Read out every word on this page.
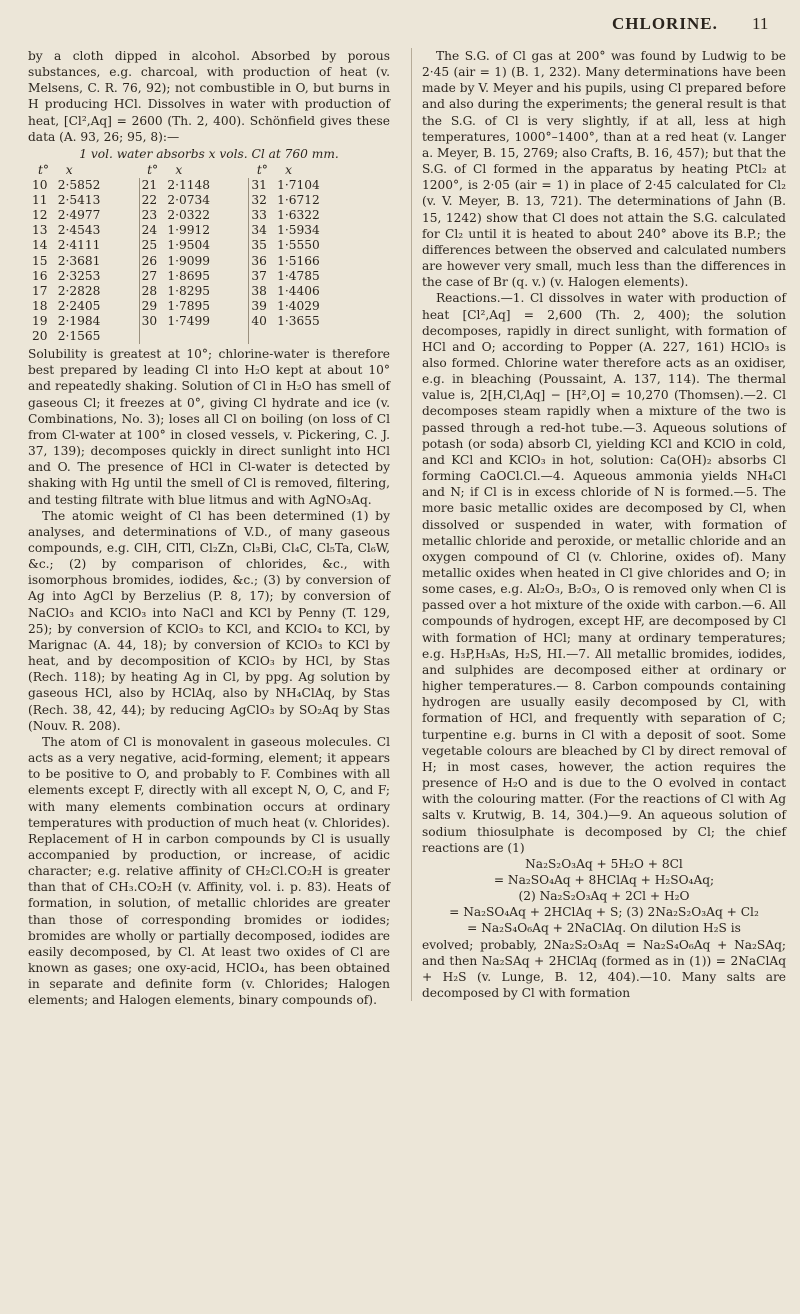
CHLORINE. 11

by a cloth dipped in alcohol. Absorbed by porous substances, e.g. charcoal, with production of heat (v. Melsens, C. R. 76, 92); not combustible in O, but burns in H producing HCl. Dissolves in water with production of heat, [Cl²,Aq] = 2600 (Th. 2, 400). Schönfield gives these data (A. 93, 26; 95, 8):—

1 vol. water absorbs x vols. Cl at 760 mm.
t°	x	t°	x	t°	x
10	2·5852	21	2·1148	31	1·7104
11	2·5413	22	2·0734	32	1·6712
12	2·4977	23	2·0322	33	1·6322
13	2·4543	24	1·9912	34	1·5934
14	2·4111	25	1·9504	35	1·5550
15	2·3681	26	1·9099	36	1·5166
16	2·3253	27	1·8695	37	1·4785
17	2·2828	28	1·8295	38	1·4406
18	2·2405	29	1·7895	39	1·4029
19	2·1984	30	1·7499	40	1·3655
20	2·1565				

Solubility is greatest at 10°; chlorine-water is therefore best prepared by leading Cl into H₂O kept at about 10° and repeatedly shaking. Solution of Cl in H₂O has smell of gaseous Cl; it freezes at 0°, giving Cl hydrate and ice (v. Combinations, No. 3); loses all Cl on boiling (on loss of Cl from Cl-water at 100° in closed vessels, v. Pickering, C. J. 37, 139); decomposes quickly in direct sunlight into HCl and O. The presence of HCl in Cl-water is detected by shaking with Hg until the smell of Cl is removed, filtering, and testing filtrate with blue litmus and with AgNO₃Aq.

The atomic weight of Cl has been determined (1) by analyses, and determinations of V.D., of many gaseous compounds, e.g. ClH, ClTl, Cl₂Zn, Cl₃Bi, Cl₄C, Cl₅Ta, Cl₆W, &c.; (2) by comparison of chlorides, &c., with isomorphous bromides, iodides, &c.; (3) by conversion of Ag into AgCl by Berzelius (P. 8, 17); by conversion of NaClO₃ and KClO₃ into NaCl and KCl by Penny (T. 129, 25); by conversion of KClO₃ to KCl, and KClO₄ to KCl, by Marignac (A. 44, 18); by conversion of KClO₃ to KCl by heat, and by decomposition of KClO₃ by HCl, by Stas (Rech. 118); by heating Ag in Cl, by ppg. Ag solution by gaseous HCl, also by HClAq, also by NH₄ClAq, by Stas (Rech. 38, 42, 44); by reducing AgClO₃ by SO₂Aq by Stas (Nouv. R. 208).

The atom of Cl is monovalent in gaseous molecules. Cl acts as a very negative, acid-forming, element; it appears to be positive to O, and probably to F. Combines with all elements except F, directly with all except N, O, C, and F; with many elements combination occurs at ordinary temperatures with production of much heat (v. Chlorides). Replacement of H in carbon compounds by Cl is usually accompanied by production, or increase, of acidic character; e.g. relative affinity of CH₂Cl.CO₂H is greater than that of CH₃.CO₂H (v. Affinity, vol. i. p. 83). Heats of formation, in solution, of metallic chlorides are greater than those of corresponding bromides or iodides; bromides are wholly or partially decomposed, iodides are easily decomposed, by Cl. At least two oxides of Cl are known as gases; one oxy-acid, HClO₄, has been obtained in separate and definite form (v. Chlorides; Halogen elements; and Halogen elements, binary compounds of).

The S.G. of Cl gas at 200° was found by Ludwig to be 2·45 (air = 1) (B. 1, 232). Many determinations have been made by V. Meyer and his pupils, using Cl prepared before and also during the experiments; the general result is that the S.G. of Cl is very slightly, if at all, less at high temperatures, 1000°–1400°, than at a red heat (v. Langer a. Meyer, B. 15, 2769; also Crafts, B. 16, 457); but that the S.G. of Cl formed in the apparatus by heating PtCl₂ at 1200°, is 2·05 (air = 1) in place of 2·45 calculated for Cl₂ (v. V. Meyer, B. 13, 721). The determinations of Jahn (B. 15, 1242) show that Cl does not attain the S.G. calculated for Cl₂ until it is heated to about 240° above its B.P.; the differences between the observed and calculated numbers are however very small, much less than the differences in the case of Br (q. v.) (v. Halogen elements).

Reactions.—1. Cl dissolves in water with production of heat [Cl²,Aq] = 2,600 (Th. 2, 400); the solution decomposes, rapidly in direct sunlight, with formation of HCl and O; according to Popper (A. 227, 161) HClO₃ is also formed. Chlorine water therefore acts as an oxidiser, e.g. in bleaching (Poussaint, A. 137, 114). The thermal value is, 2[H,Cl,Aq] − [H²,O] = 10,270 (Thomsen).—2. Cl decomposes steam rapidly when a mixture of the two is passed through a red-hot tube.—3. Aqueous solutions of potash (or soda) absorb Cl, yielding KCl and KClO in cold, and KCl and KClO₃ in hot, solution: Ca(OH)₂ absorbs Cl forming CaOCl.Cl.—4. Aqueous ammonia yields NH₄Cl and N; if Cl is in excess chloride of N is formed.—5. The more basic metallic oxides are decomposed by Cl, when dissolved or suspended in water, with formation of metallic chloride and peroxide, or metallic chloride and an oxygen compound of Cl (v. Chlorine, oxides of). Many metallic oxides when heated in Cl give chlorides and O; in some cases, e.g. Al₂O₃, B₂O₃, O is removed only when Cl is passed over a hot mixture of the oxide with carbon.—6. All compounds of hydrogen, except HF, are decomposed by Cl with formation of HCl; many at ordinary temperatures; e.g. H₃P,H₃As, H₂S, HI.—7. All metallic bromides, iodides, and sulphides are decomposed either at ordinary or higher temperatures.— 8. Carbon compounds containing hydrogen are usually easily decomposed by Cl, with formation of HCl, and frequently with separation of C; turpentine e.g. burns in Cl with a deposit of soot. Some vegetable colours are bleached by Cl by direct removal of H; in most cases, however, the action requires the presence of H₂O and is due to the O evolved in contact with the colouring matter. (For the reactions of Cl with Ag salts v. Krutwig, B. 14, 304.)—9. An aqueous solution of sodium thiosulphate is decomposed by Cl; the chief reactions are (1)

Na₂S₂O₃Aq + 5H₂O + 8Cl
= Na₂SO₄Aq + 8HClAq + H₂SO₄Aq;
(2) Na₂S₂O₃Aq + 2Cl + H₂O
= Na₂SO₄Aq + 2HClAq + S; (3) 2Na₂S₂O₃Aq + Cl₂
= Na₂S₄O₆Aq + 2NaClAq. On dilution H₂S is

evolved; probably, 2Na₂S₂O₃Aq = Na₂S₄O₆Aq + Na₂SAq; and then Na₂SAq + 2HClAq (formed as in (1)) = 2NaClAq + H₂S (v. Lunge, B. 12, 404).—10. Many salts are decomposed by Cl with formation
